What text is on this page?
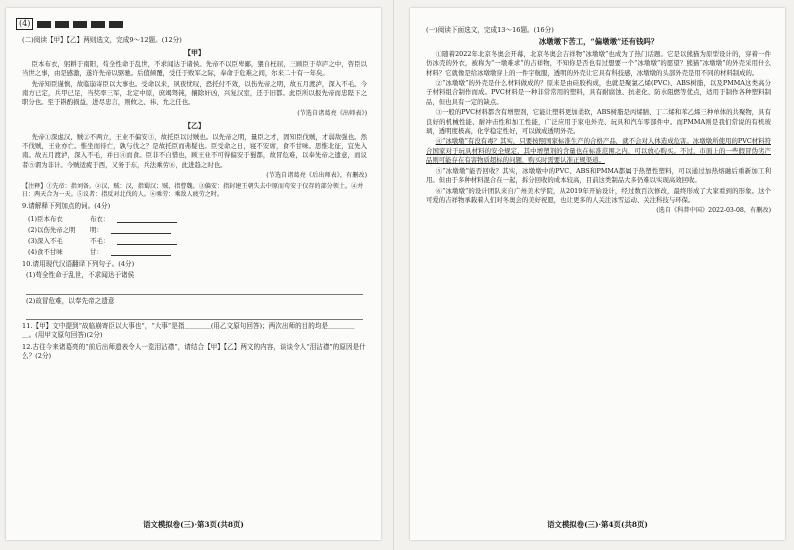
(4)
(二)阅读【甲】【乙】两则选文，完成9～12题。(12分)
【甲】

臣本布衣，躬耕于南阳，苟全性命于乱世，不求闻达于诸侯。先帝不以臣卑鄙，猥自枉屈，三顾臣于草庐之中，咨臣以当世之事，由是感激，遂许先帝以驱驰。后值倾覆，受任于败军之际，奉命于危难之间，尔来二十有一年矣。

先帝知臣谨慎，故临崩寄臣以大事也。受命以来，夙夜忧叹，恐托付不效，以伤先帝之明，故五月渡泸，深入不毛。今南方已定，兵甲已足，当奖率三军，北定中原，庶竭驽钝，攘除奸凶，兴复汉室，还于旧都。此臣所以报先帝而忠陛下之职分也。至于斟酌损益，进尽忠言，则攸之、祎、允之任也。

(节选自诸葛亮《出师表》)
【乙】

先帝①深虑汉、贼②不两立，王业不偏安③，故托臣以讨贼也。以先帝之明，量臣之才，固知臣伐贼，才弱敌强也。然不伐贼，王业亦亡。惟坐而待亡，孰与伐之？是故托臣而弗疑也。臣受命之日，寝不安席，食不甘味。思惟北征，宜先入南。故五月渡泸，深入不毛，并日④而食。臣非不自惜也，顾王业不可得偏安于蜀都，故冒危难，以奉先帝之遗意，而议者⑤谓为非计。今贼适疲于西，又务于东，兵法乘劳⑥，此进趋之时也。

(节选自诸葛亮《后出师表》，有删改)
【注释】①先帝：指刘备。②汉、贼：汉，指蜀汉；贼，指曹魏。③偏安：指封建王朝失去中原而苟安于仅存的部分领土。④并日：两天合为一天。⑤议者：指反对北伐的人。⑥乘劳：乘敌人疲劳之时。
9.请解释下列加点的词。(4分)
(1)臣本布衣	布衣：
(2)以伤先帝之明	明：
(3)深入不毛	不毛：
(4)食不甘味	甘：
10.请用现代汉语翻译下列句子。(4分)
(1)苟全性命于乱世，不求闻达于诸侯
(2)故冒危难，以奉先帝之遗意
11.【甲】文中提到“故临崩寄臣以大事也”，“大事”是指＿＿＿＿(用乙文原句回答)；两次出师的目的均是＿＿＿＿＿。(用甲文原句回答)(2分)
12.古往今来诸葛亮的“前后出师遗表令人一览泪沾襟”，请结合【甲】【乙】两文的内容，谈谈令人“泪沾襟”的原因是什么？(2分)
语文模拟卷(三)·第3页(共8页)
(一)阅读下面选文，完成13～16题。(16分)
冰墩墩下苦工，“偏墩墩”还有钱吗？

①随着2022年北京冬奥会开幕，北京冬奥会吉祥物“冰墩墩”也成为了热门话题。它是以熊猫为原型设计的，穿着一件仿冰壳的外衣，被称为“一墩难求”的吉祥物，不知你是否也有过想要一个“冰墩墩”的愿望？熊猫“冰墩墩”的外壳采用什么材料？它就像是给冰墩墩穿上的一件宇航服，透明的外壳让它具有科技感，冰墩墩的头部外壳是用不同的材料制成的。

②“冰墩墩”的外壳是什么材料做成的？原来是由硅胶构成，也就是聚氯乙烯(PVC)、ABS树脂，以及PMMA这类高分子材料组合制作而成。PVC材料是一种非常常用的塑料，具有耐腐蚀、抗老化、防水阻燃等优点，适用于制作各种塑料制品，但也具有一定的缺点。

③一般的PVC材料都含有增塑剂，它能让塑料更加柔软，ABS树脂是丙烯腈、丁二烯和苯乙烯三种单体的共聚物，具有良好的机械性能、耐冲击性和加工性能，广泛应用于家电外壳、玩具和汽车零部件中。而PMMA则是我们常说的有机玻璃，透明度极高，化学稳定性好，可以做成透明外壳。

④“冰墩墩”有没有毒？其实，只要按照国家标准生产的合格产品，就不会对人体造成危害。冰墩墩所使用的PVC材料符合国家对于玩具材料的安全规定，其中增塑剂的含量也在标准范围之内，可以放心购买。不过，市面上的一些假冒伪劣产品则可能存在有害物质超标的问题，购买时需要认准正规渠道。

⑤“冰墩墩”能否回收？其实，冰墩墩中的PVC、ABS和PMMA都属于热塑性塑料，可以通过加热熔融后重新加工利用。但由于多种材料混合在一起，拆分回收的成本较高，目前这类制品大多仍难以实现高效回收。

⑥“冰墩墩”的设计团队来自广州美术学院，从2019年开始设计，经过数百次修改，最终形成了大家看到的形象。这个可爱的吉祥物承载着人们对冬奥会的美好祝愿，也让更多的人关注冰雪运动、关注科技与环保。

(选自《科普中国》2022-03-08，有删改)
语文模拟卷(三)·第4页(共8页)
